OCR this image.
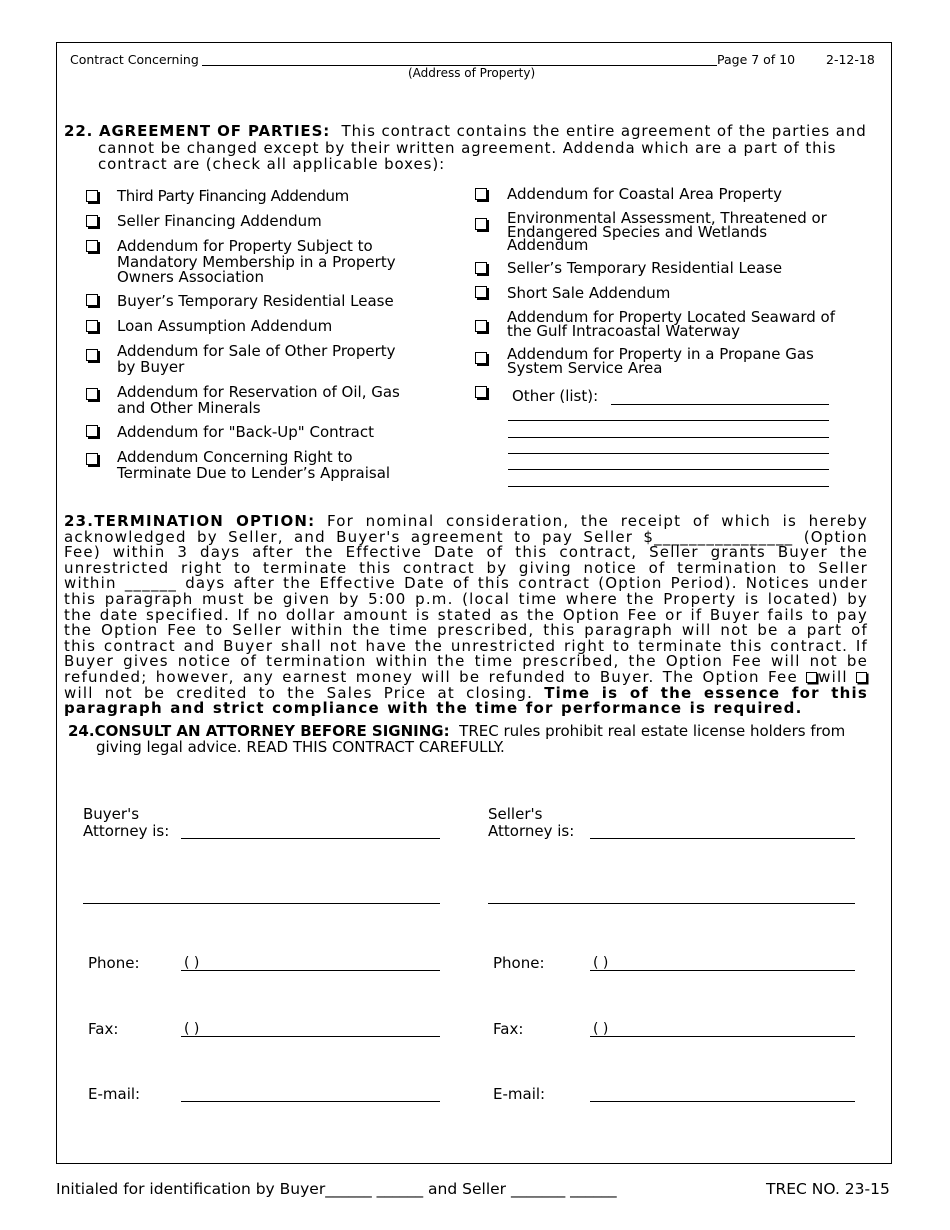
Contract Concerning
(Address of Property)
Page 7 of 10 2-12-18
22. AGREEMENT OF PARTIES: This contract contains the entire agreement of the parties and cannot be changed except by their written agreement. Addenda which are a part of this contract are (check all applicable boxes):
Third Party Financing Addendum
Seller Financing Addendum
Addendum for Property Subject to Mandatory Membership in a Property Owners Association
Buyer’s Temporary Residential Lease
Loan Assumption Addendum
Addendum for Sale of Other Property by Buyer
Addendum for Reservation of Oil, Gas and Other Minerals
Addendum for "Back-Up" Contract
Addendum Concerning Right to Terminate Due to Lender’s Appraisal
Addendum for Coastal Area Property
Environmental Assessment, Threatened or Endangered Species and Wetlands Addendum
Seller’s Temporary Residential Lease
Short Sale Addendum
Addendum for Property Located Seaward of the Gulf Intracoastal Waterway
Addendum for Property in a Propane Gas System Service Area
Other (list):
23.TERMINATION OPTION: For nominal consideration, the receipt of which is hereby acknowledged by Seller, and Buyer's agreement to pay Seller $________________ (Option Fee) within 3 days after the Effective Date of this contract, Seller grants Buyer the unrestricted right to terminate this contract by giving notice of termination to Seller within ______ days after the Effective Date of this contract (Option Period). Notices under this paragraph must be given by 5:00 p.m. (local time where the Property is located) by the date specified. If no dollar amount is stated as the Option Fee or if Buyer fails to pay the Option Fee to Seller within the time prescribed, this paragraph will not be a part of this contract and Buyer shall not have the unrestricted right to terminate this contract. If Buyer gives notice of termination within the time prescribed, the Option Fee will not be refunded; however, any earnest money will be refunded to Buyer. The Option Fee will will not be credited to the Sales Price at closing. Time is of the essence for this paragraph and strict compliance with the time for performance is required.
24.CONSULT AN ATTORNEY BEFORE SIGNING: TREC rules prohibit real estate license holders from giving legal advice. READ THIS CONTRACT CAREFULLY.
Buyer's
Attorney is:
Seller's
Attorney is:
Phone:	( )
Fax:	( )
E-mail:
Phone:	( )
Fax:	( )
E-mail:
Initialed for identification by Buyer______ ______ and Seller _______ ______	TREC NO. 23-15
